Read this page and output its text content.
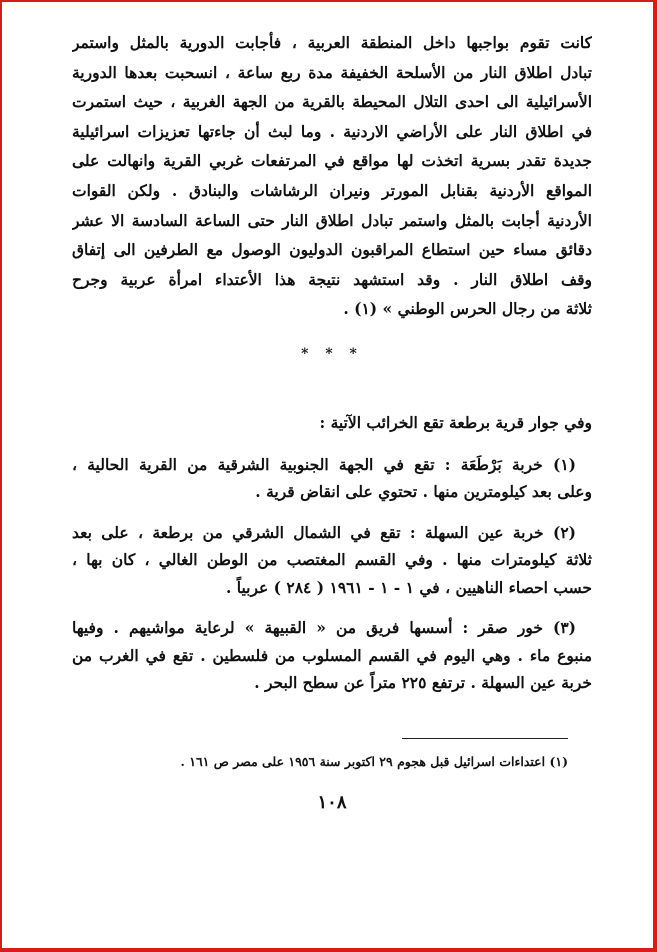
كانت تقوم بواجبها داخل المنطقة العربية ، فأجابت الدورية بالمثل واستمر
تبادل اطلاق النار من الأسلحة الخفيفة مدة ربع ساعة ، انسحبت بعدها الدورية
الأسرائيلية الى احدى التلال المحيطة بالقرية من الجهة الغربية ، حيث استمرت
في اطلاق النار على الأراضي الاردنية . وما لبث أن جاءتها تعزيزات اسرائيلية
جديدة تقدر بسرية اتخذت لها مواقع في المرتفعات غربي القرية وانهالت على
المواقع الأردنية بقنابل المورتر ونيران الرشاشات والبنادق . ولكن القوات
الأردنية أجابت بالمثل واستمر تبادل اطلاق النار حتى الساعة السادسة الا عشر
دقائق مساء حين استطاع المراقبون الدوليون الوصول مع الطرفين الى إتفاق
وقف اطلاق النار . وقد استشهد نتيجة هذا الأعتداء امرأة عربية وجرح
ثلاثة من رجال الحرس الوطني » (١) .
* * *
وفي جوار قرية برطعة تقع الخرائب الآتية :
(١) خربة بَرْطَعَة : تقع في الجهة الجنوبية الشرقية من القرية الحالية ،
وعلى بعد كيلومترين منها . تحتوي على انقاض قرية .
(٢) خربة عين السهلة : تقع في الشمال الشرقي من برطعة ، على بعد
ثلاثة كيلومترات منها . وفي القسم المغتصب من الوطن الغالي ، كان بها ،
حسب احصاء الناهيين ، في ١ - ١ - ١٩٦١ ( ٢٨٤ ) عربياً .
(٣) خور صقر : أسسها فريق من « القبيهة » لرعاية مواشيهم . وفيها
منبوع ماء . وهي اليوم في القسم المسلوب من فلسطين . تقع في الغرب من
خربة عين السهلة . ترتفع ٢٢٥ متراً عن سطح البحر .
(١) اعتداءات اسرائيل قبل هجوم ٢٩ اكتوبر سنة ١٩٥٦ على مصر ص ١٦١ .
١٠٨
